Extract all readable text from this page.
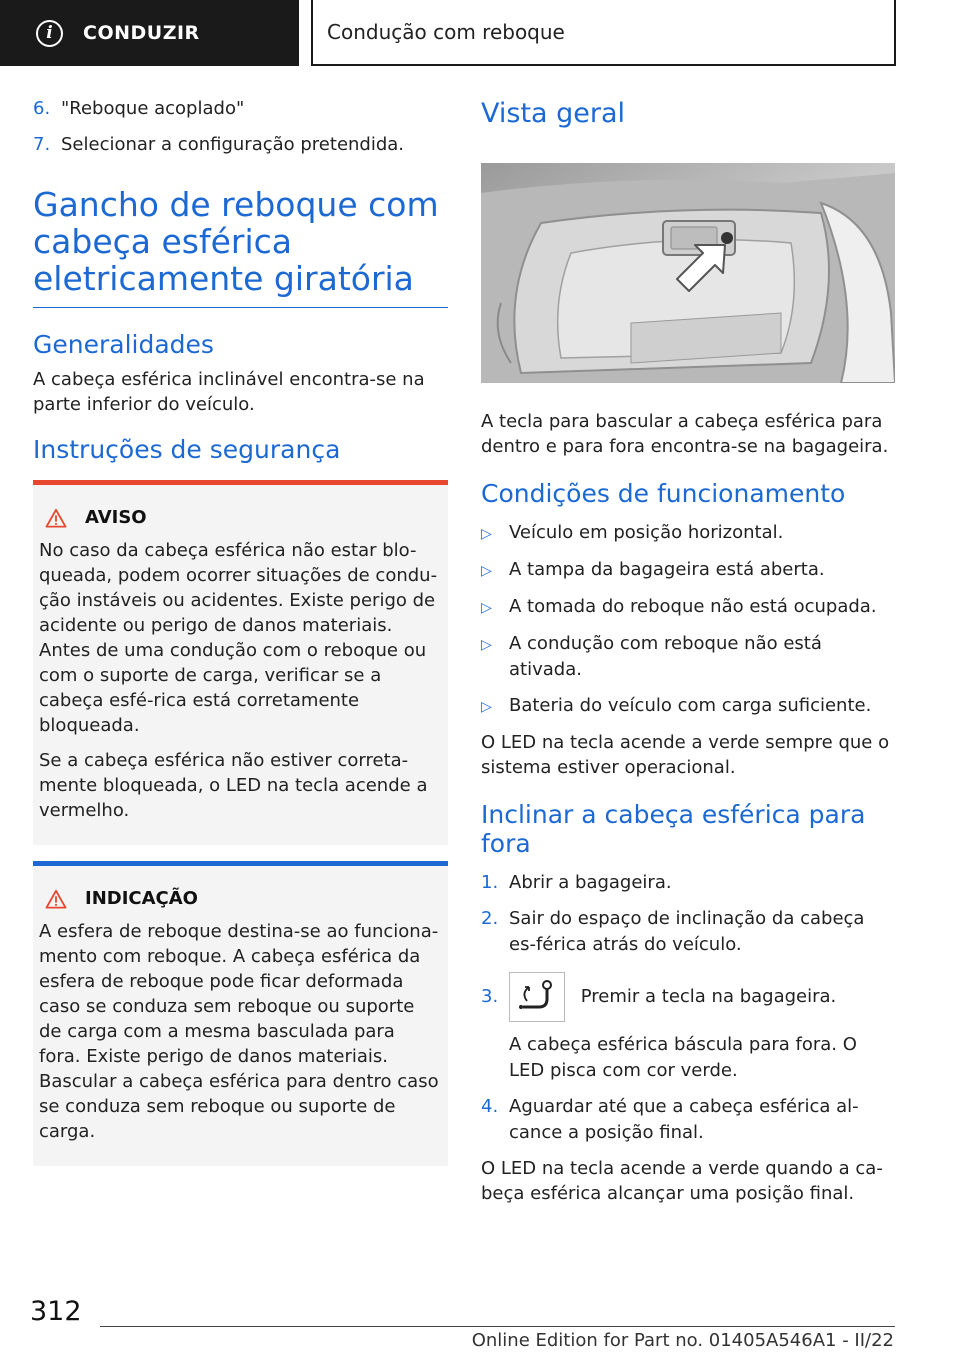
i	CONDUZIR	Condução com reboque
6. "Reboque acoplado"
7. Selecionar a configuração pretendida.
Gancho de reboque com cabeça esférica eletricamente giratória
Generalidades

A cabeça esférica inclinável encontra-se na parte inferior do veículo.

Instruções de segurança
AVISO

No caso da cabeça esférica não estar blo-queada, podem ocorrer situações de condu-ção instáveis ou acidentes. Existe perigo de acidente ou perigo de danos materiais. Antes de uma condução com o reboque ou com o suporte de carga, verificar se a cabeça esfé-rica está corretamente bloqueada.

Se a cabeça esférica não estiver correta-mente bloqueada, o LED na tecla acende a vermelho.

INDICAÇÃO

A esfera de reboque destina-se ao funciona-mento com reboque. A cabeça esférica da esfera de reboque pode ficar deformada caso se conduza sem reboque ou suporte de carga com a mesma basculada para fora. Existe perigo de danos materiais. Bascular a cabeça esférica para dentro caso se conduza sem reboque ou suporte de carga.

Vista geral

A tecla para bascular a cabeça esférica para dentro e para fora encontra-se na bagageira.

Condições de funcionamento
▷ Veículo em posição horizontal.
▷ A tampa da bagageira está aberta.
▷ A tomada do reboque não está ocupada.
▷ A condução com reboque não está ativada.
▷ Bateria do veículo com carga suficiente.

O LED na tecla acende a verde sempre que o sistema estiver operacional.

Inclinar a cabeça esférica para fora
1. Abrir a bagageira.
2. Sair do espaço de inclinação da cabeça es-férica atrás do veículo.
3.	Premir a tecla na bagageira.
A cabeça esférica báscula para fora. O LED pisca com cor verde.
4. Aguardar até que a cabeça esférica al-cance a posição final.

O LED na tecla acende a verde quando a ca-beça esférica alcançar uma posição final.

312
Online Edition for Part no. 01405A546A1 - II/22
